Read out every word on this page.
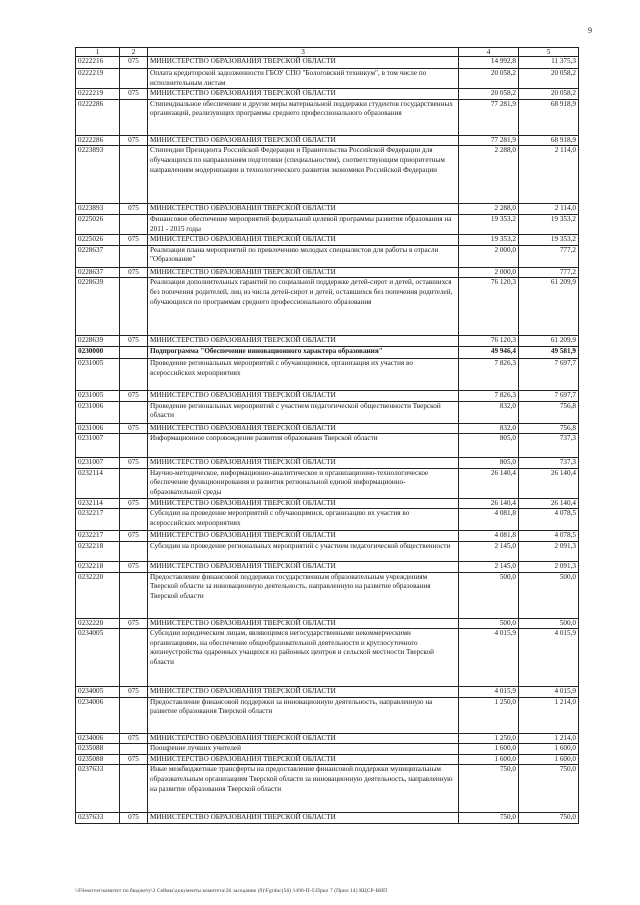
9
1	2	3	4	5
0222216	075	МИНИСТЕРСТВО ОБРАЗОВАНИЯ ТВЕРСКОЙ ОБЛАСТИ	14 992,8	11 375,3
0222219		Оплата кредиторской задолженности ГБОУ СПО "Бологовский техникум", в том числе по исполнительным листам	20 058,2	20 058,2
0222219	075	МИНИСТЕРСТВО ОБРАЗОВАНИЯ ТВЕРСКОЙ ОБЛАСТИ	20 058,2	20 058,2
0222286		Стипендиальное обеспечение и другие меры материальной поддержки студентов государственных организаций, реализующих программы среднего профессионального образования	77 281,9	68 918,9
0222286	075	МИНИСТЕРСТВО ОБРАЗОВАНИЯ ТВЕРСКОЙ ОБЛАСТИ	77 281,9	68 918,9
0223893		Стипендии Президента Российской Федерации и Правительства Российской Федерации для обучающихся по направлениям подготовки (специальностям), соответствующим приоритетным направлениям модернизации и технологического развития экономики Российской Федерации	2 288,0	2 114,0
0223893	075	МИНИСТЕРСТВО ОБРАЗОВАНИЯ ТВЕРСКОЙ ОБЛАСТИ	2 288,0	2 114,0
0225026		Финансовое обеспечение мероприятий федеральной целевой программы развития образования на 2011 - 2015 годы	19 353,2	19 353,2
0225026	075	МИНИСТЕРСТВО ОБРАЗОВАНИЯ ТВЕРСКОЙ ОБЛАСТИ	19 353,2	19 353,2
0228637		Реализация плана мероприятий по привлечению молодых специалистов для работы в отрасли "Образование"	2 000,0	777,2
0228637	075	МИНИСТЕРСТВО ОБРАЗОВАНИЯ ТВЕРСКОЙ ОБЛАСТИ	2 000,0	777,2
0228639		Реализация дополнительных гарантий по социальной поддержке детей-сирот и детей, оставшихся без попечения родителей, лиц из числа детей-сирот и детей, оставшихся без попечения родителей, обучающихся по программам среднего профессионального образования	76 120,3	61 209,9
0228639	075	МИНИСТЕРСТВО ОБРАЗОВАНИЯ ТВЕРСКОЙ ОБЛАСТИ	76 120,3	61 209,9
0230000		Подпрограмма "Обеспечение инновационного характера образования"	49 946,4	49 581,9
0231005		Проведение региональных мероприятий с обучающимися, организация их участия во всероссийских мероприятиях	7 826,3	7 697,7
0231005	075	МИНИСТЕРСТВО ОБРАЗОВАНИЯ ТВЕРСКОЙ ОБЛАСТИ	7 826,3	7 697,7
0231006		Проведение региональных мероприятий с участием педагогической общественности Тверской области	832,0	756,8
0231006	075	МИНИСТЕРСТВО ОБРАЗОВАНИЯ ТВЕРСКОЙ ОБЛАСТИ	832,0	756,8
0231007		Информационное сопровождение развития образования Тверской области	805,0	737,3
0231007	075	МИНИСТЕРСТВО ОБРАЗОВАНИЯ ТВЕРСКОЙ ОБЛАСТИ	805,0	737,3
0232114		Научно-методическое, информационно-аналитическое и организационно-технологическое обеспечение функционирования и развития региональной единой информационно-образовательной среды	26 140,4	26 140,4
0232114	075	МИНИСТЕРСТВО ОБРАЗОВАНИЯ ТВЕРСКОЙ ОБЛАСТИ	26 140,4	26 140,4
0232217		Субсидии на проведение мероприятий с обучающимися, организацию их участия во всероссийских мероприятиях	4 081,8	4 078,5
0232217	075	МИНИСТЕРСТВО ОБРАЗОВАНИЯ ТВЕРСКОЙ ОБЛАСТИ	4 081,8	4 078,5
0232218		Субсидии на проведение региональных мероприятий с участием педагогической общественности	2 145,0	2 091,3
0232218	075	МИНИСТЕРСТВО ОБРАЗОВАНИЯ ТВЕРСКОЙ ОБЛАСТИ	2 145,0	2 091,3
0232220		Предоставление финансовой поддержки государственным образовательным учреждениям Тверской области за инновационную деятельность, направленную на развитие образования Тверской области	500,0	500,0
0232220	075	МИНИСТЕРСТВО ОБРАЗОВАНИЯ ТВЕРСКОЙ ОБЛАСТИ	500,0	500,0
0234005		Субсидии юридическим лицам, являющимся негосударственными некоммерческими организациями, на обеспечение общеобразовательной деятельности и круглосуточного жизнеустройства одаренных учащихся из районных центров и сельской местности Тверской области	4 015,9	4 015,9
0234005	075	МИНИСТЕРСТВО ОБРАЗОВАНИЯ ТВЕРСКОЙ ОБЛАСТИ	4 015,9	4 015,9
0234006		Предоставление финансовой поддержки за инновационную деятельность, направленную на развитие образования Тверской области	1 250,0	1 214,0
0234006	075	МИНИСТЕРСТВО ОБРАЗОВАНИЯ ТВЕРСКОЙ ОБЛАСТИ	1 250,0	1 214,0
0235088		Поощрение лучших учителей	1 600,0	1 600,0
0235088	075	МИНИСТЕРСТВО ОБРАЗОВАНИЯ ТВЕРСКОЙ ОБЛАСТИ	1 600,0	1 600,0
0237633		Иные межбюджетные трансферты на предоставление финансовой поддержки муниципальным образовательным организациям Тверской области за инновационную деятельность, направленную на развитие образования Тверской области	750,0	750,0
0237633	075	МИНИСТЕРСТВО ОБРАЗОВАНИЯ ТВЕРСКОЙ ОБЛАСТИ	750,0	750,0
\\Fileserver\комитет по бюджету\3 Сеймы\документы комитета\36 заседание (9)\Fgrdoc(56) 1496-П-5\Прил 7 (Прил 14) КЦСР-ВИП
